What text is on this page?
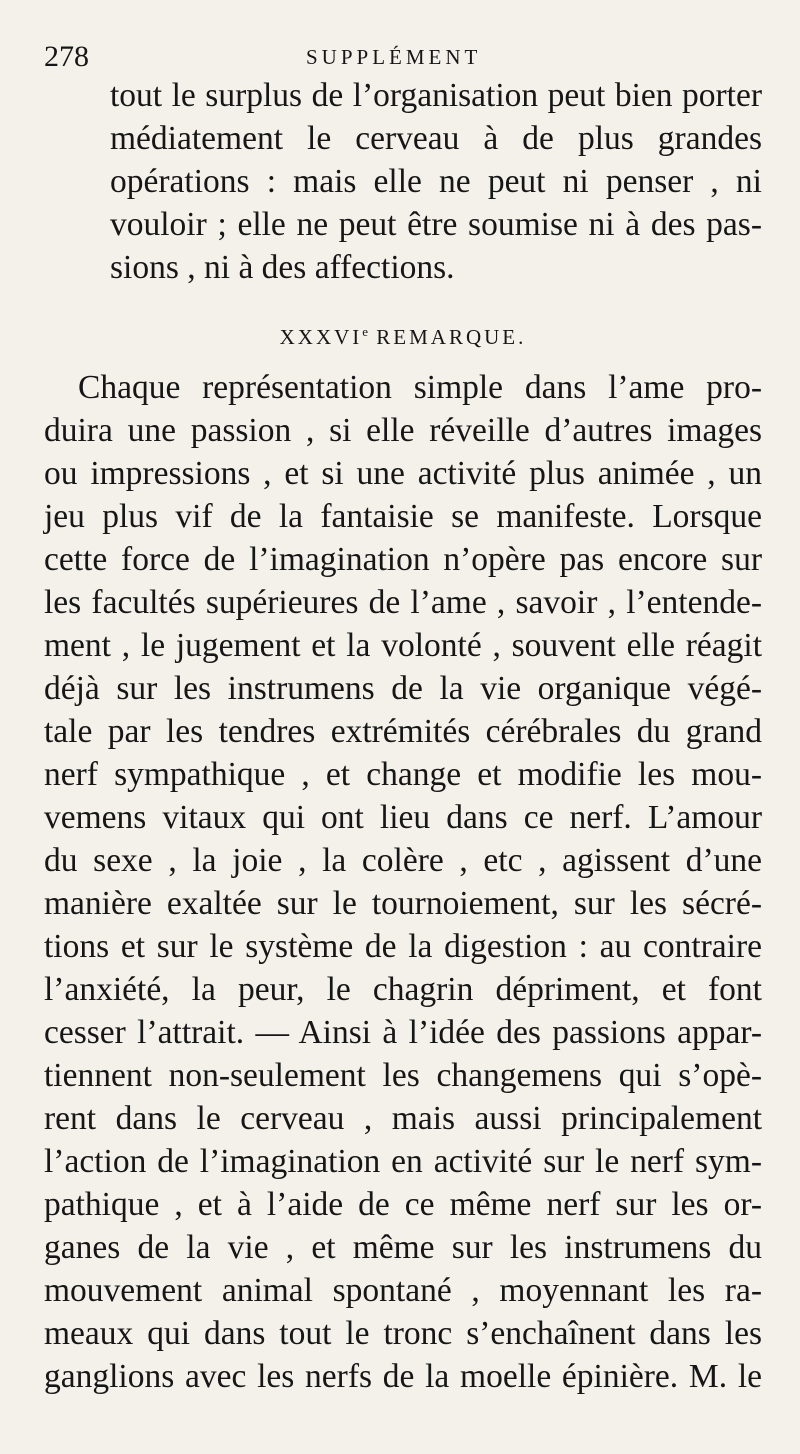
278	SUPPLÉMENT
tout le surplus de l’organisation peut bien porter
médiatement le cerveau à de plus grandes
opérations : mais elle ne peut ni penser , ni
vouloir ; elle ne peut être soumise ni à des pas-
sions , ni à des affections.
XXXVIe REMARQUE.
Chaque représentation simple dans l’ame pro-
duira une passion , si elle réveille d’autres images
ou impressions , et si une activité plus animée , un
jeu plus vif de la fantaisie se manifeste. Lorsque
cette force de l’imagination n’opère pas encore sur
les facultés supérieures de l’ame , savoir , l’entende-
ment , le jugement et la volonté , souvent elle réagit
déjà sur les instrumens de la vie organique végé-
tale par les tendres extrémités cérébrales du grand
nerf sympathique , et change et modifie les mou-
vemens vitaux qui ont lieu dans ce nerf. L’amour
du sexe , la joie , la colère , etc , agissent d’une
manière exaltée sur le tournoiement, sur les sécré-
tions et sur le système de la digestion : au contraire
l’anxiété, la peur, le chagrin dépriment, et font
cesser l’attrait. — Ainsi à l’idée des passions appar-
tiennent non-seulement les changemens qui s’opè-
rent dans le cerveau , mais aussi principalement
l’action de l’imagination en activité sur le nerf sym-
pathique , et à l’aide de ce même nerf sur les or-
ganes de la vie , et même sur les instrumens du
mouvement animal spontané , moyennant les ra-
meaux qui dans tout le tronc s’enchaînent dans les
ganglions avec les nerfs de la moelle épinière. M. le
